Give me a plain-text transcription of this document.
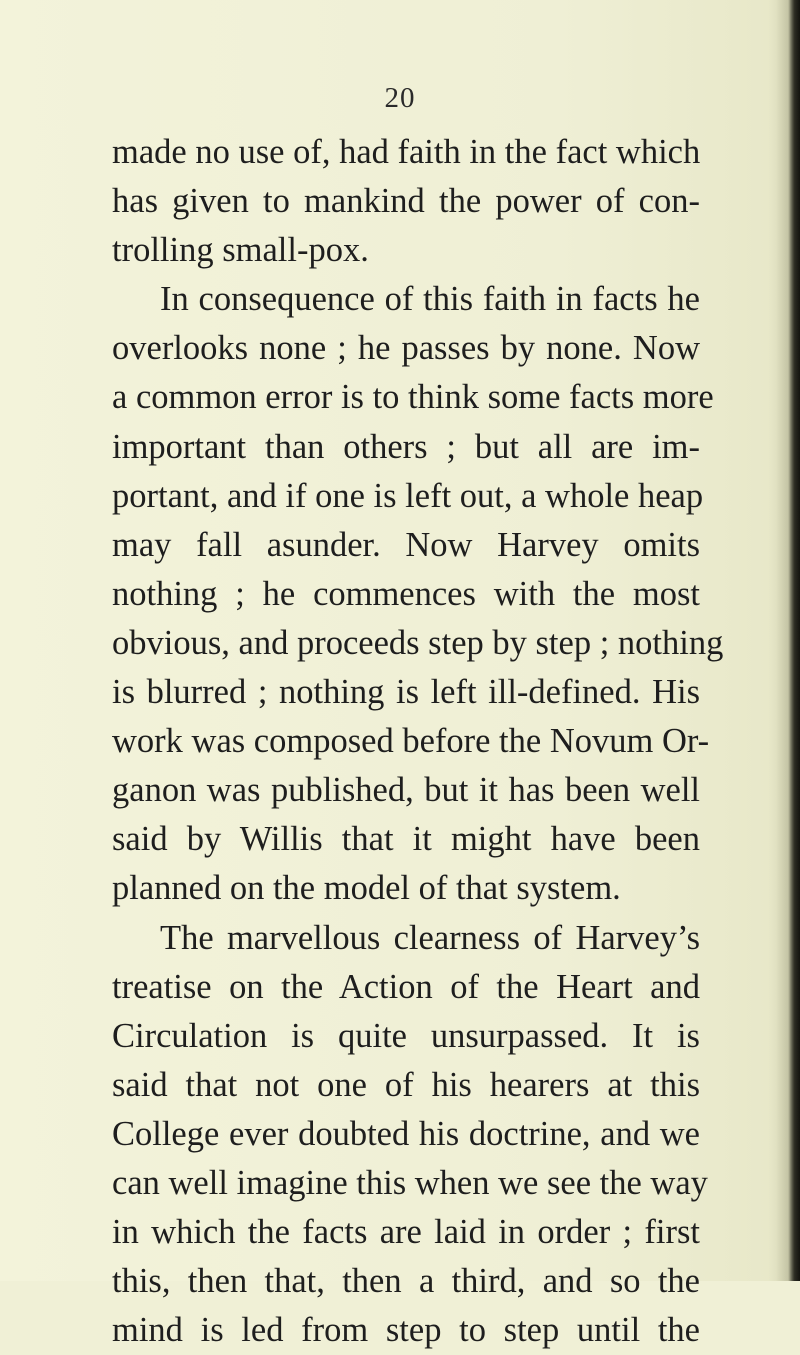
20
made no use of, had faith in the fact which
has given to mankind the power of con-
trolling small-pox.
In consequence of this faith in facts he
overlooks none ; he passes by none. Now
a common error is to think some facts more
important than others ; but all are im-
portant, and if one is left out, a whole heap
may fall asunder. Now Harvey omits
nothing ; he commences with the most
obvious, and proceeds step by step ; nothing
is blurred ; nothing is left ill-defined. His
work was composed before the Novum Or-
ganon was published, but it has been well
said by Willis that it might have been
planned on the model of that system.
The marvellous clearness of Harvey’s
treatise on the Action of the Heart and
Circulation is quite unsurpassed. It is
said that not one of his hearers at this
College ever doubted his doctrine, and we
can well imagine this when we see the way
in which the facts are laid in order ; first
this, then that, then a third, and so the
mind is led from step to step until the
